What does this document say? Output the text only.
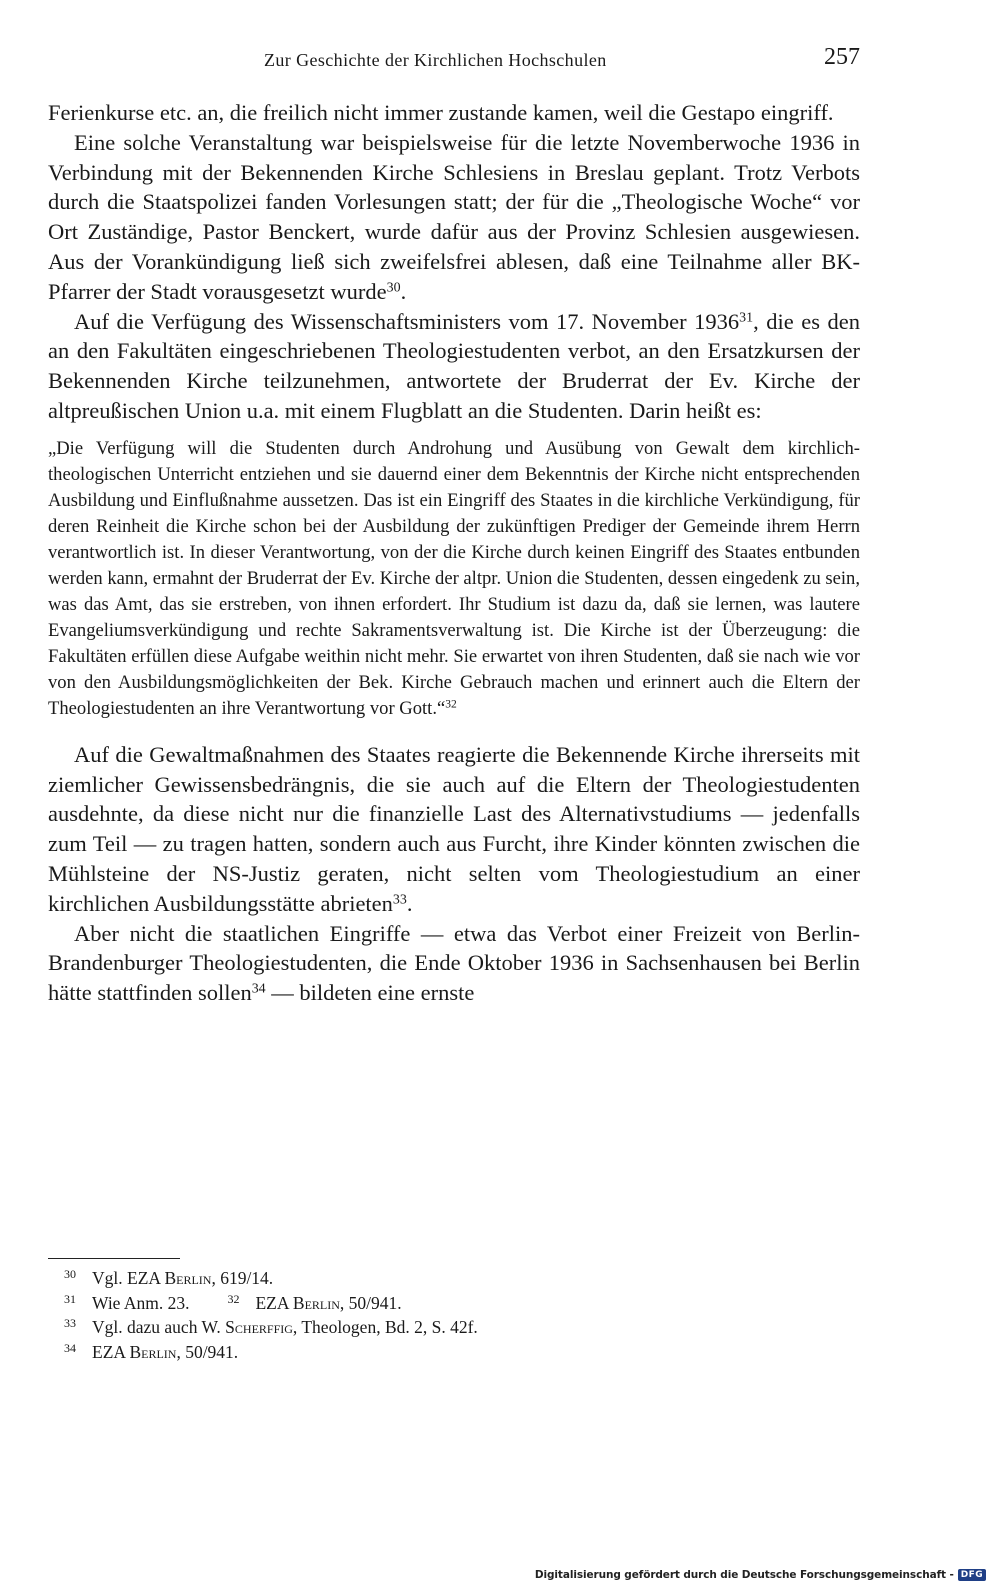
Zur Geschichte der Kirchlichen Hochschulen	257

Ferienkurse etc. an, die freilich nicht immer zustande kamen, weil die Gestapo eingriff.

Eine solche Veranstaltung war beispielsweise für die letzte Novemberwoche 1936 in Verbindung mit der Bekennenden Kirche Schlesiens in Breslau geplant. Trotz Verbots durch die Staatspolizei fanden Vorlesungen statt; der für die „Theologische Woche“ vor Ort Zuständige, Pastor Benckert, wurde dafür aus der Provinz Schlesien ausgewiesen. Aus der Vorankündigung ließ sich zweifelsfrei ablesen, daß eine Teilnahme aller BK-Pfarrer der Stadt vorausgesetzt wurde$^{30}$.

Auf die Verfügung des Wissenschaftsministers vom 17. November 1936$^{31}$, die es den an den Fakultäten eingeschriebenen Theologiestudenten verbot, an den Ersatzkursen der Bekennenden Kirche teilzunehmen, antwortete der Bruderrat der Ev. Kirche der altpreußischen Union u.a. mit einem Flugblatt an die Studenten. Darin heißt es:

„Die Verfügung will die Studenten durch Androhung und Ausübung von Gewalt dem kirchlich-theologischen Unterricht entziehen und sie dauernd einer dem Bekenntnis der Kirche nicht entsprechenden Ausbildung und Einflußnahme aussetzen. Das ist ein Eingriff des Staates in die kirchliche Verkündigung, für deren Reinheit die Kirche schon bei der Ausbildung der zukünftigen Prediger der Gemeinde ihrem Herrn verantwortlich ist. In dieser Verantwortung, von der die Kirche durch keinen Eingriff des Staates entbunden werden kann, ermahnt der Bruderrat der Ev. Kirche der altpr. Union die Studenten, dessen eingedenk zu sein, was das Amt, das sie erstreben, von ihnen erfordert. Ihr Studium ist dazu da, daß sie lernen, was lautere Evangeliumsverkündigung und rechte Sakramentsverwaltung ist. Die Kirche ist der Überzeugung: die Fakultäten erfüllen diese Aufgabe weithin nicht mehr. Sie erwartet von ihren Studenten, daß sie nach wie vor von den Ausbildungsmöglichkeiten der Bek. Kirche Gebrauch machen und erinnert auch die Eltern der Theologiestudenten an ihre Verantwortung vor Gott.“$^{32}$

Auf die Gewaltmaßnahmen des Staates reagierte die Bekennende Kirche ihrerseits mit ziemlicher Gewissensbedrängnis, die sie auch auf die Eltern der Theologiestudenten ausdehnte, da diese nicht nur die finanzielle Last des Alternativstudiums — jedenfalls zum Teil — zu tragen hatten, sondern auch aus Furcht, ihre Kinder könnten zwischen die Mühlsteine der NS-Justiz geraten, nicht selten vom Theologiestudium an einer kirchlichen Ausbildungsstätte abrieten$^{33}$.

Aber nicht die staatlichen Eingriffe — etwa das Verbot einer Freizeit von Berlin-Brandenburger Theologiestudenten, die Ende Oktober 1936 in Sachsenhausen bei Berlin hätte stattfinden sollen$^{34}$ — bildeten eine ernste

30 Vgl. EZA Berlin, 619/14.

31 Wie Anm. 23.	32 EZA Berlin, 50/941.

33 Vgl. dazu auch W. Scherffig, Theologen, Bd. 2, S. 42f.

34 EZA Berlin, 50/941.

Digitalisierung gefördert durch die Deutsche Forschungsgemeinschaft - DFG
